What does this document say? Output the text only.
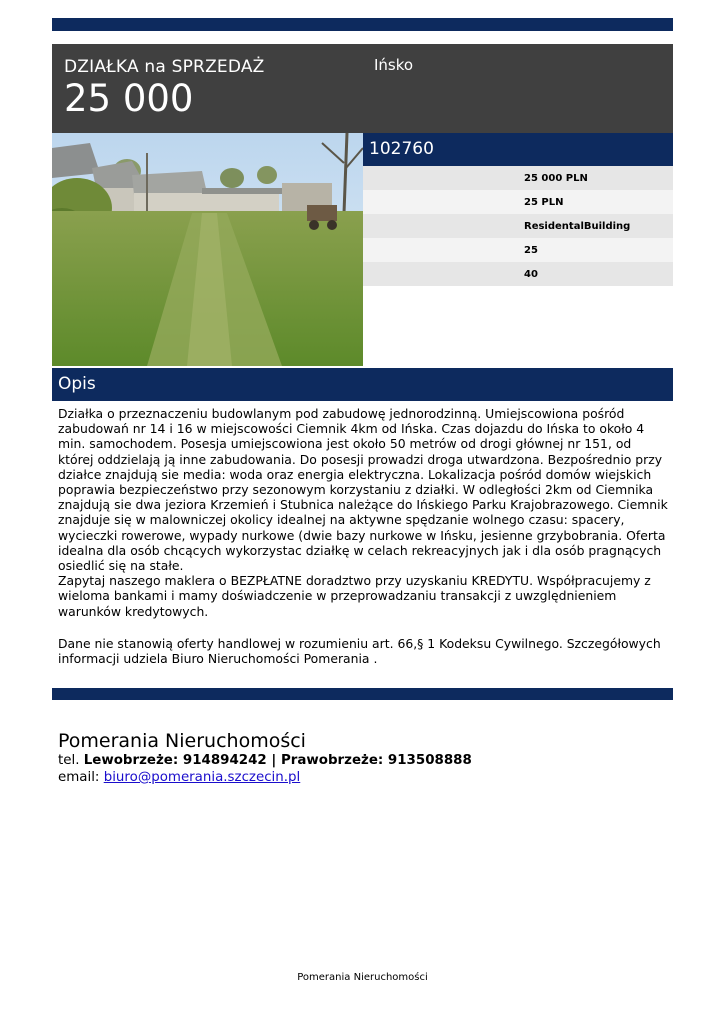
DZIAŁKA na SPRZEDAŻ
25 000
Ińsko
102760
25 000 PLN
25 PLN
ResidentalBuilding
25
40
Opis
Działka o przeznaczeniu budowlanym pod zabudowę jednorodzinną. Umiejscowiona pośród zabudowań nr 14 i 16 w miejscowości Ciemnik 4km od Ińska. Czas dojazdu do Ińska to około 4 min. samochodem. Posesja umiejscowiona jest około 50 metrów od drogi głównej nr 151, od której oddzielają ją inne zabudowania. Do posesji prowadzi droga utwardzona. Bezpośrednio przy działce znajdują sie media: woda oraz energia elektryczna. Lokalizacja pośród domów wiejskich poprawia bezpieczeństwo przy sezonowym korzystaniu z działki. W odległości 2km od Ciemnika znajdują sie dwa jeziora Krzemień i Stubnica należące do Ińskiego Parku Krajobrazowego. Ciemnik znajduje się w malowniczej okolicy idealnej na aktywne spędzanie wolnego czasu: spacery, wycieczki rowerowe, wypady nurkowe (dwie bazy nurkowe w Ińsku, jesienne grzybobrania. Oferta idealna dla osób chcących wykorzystac działkę w celach rekreacyjnych jak i dla osób pragnących osiedlić się na stałe.
Zapytaj naszego maklera o BEZPŁATNE doradztwo przy uzyskaniu KREDYTU. Współpracujemy z wieloma bankami i mamy doświadczenie w przeprowadzaniu transakcji z uwzględnieniem warunków kredytowych.
Dane nie stanowią oferty handlowej w rozumieniu art. 66,§ 1 Kodeksu Cywilnego. Szczegółowych informacji udziela Biuro Nieruchomości Pomerania .
Pomerania Nieruchomości
tel. Lewobrzeże: 914894242 | Prawobrzeże: 913508888
email: biuro@pomerania.szczecin.pl
Pomerania Nieruchomości
